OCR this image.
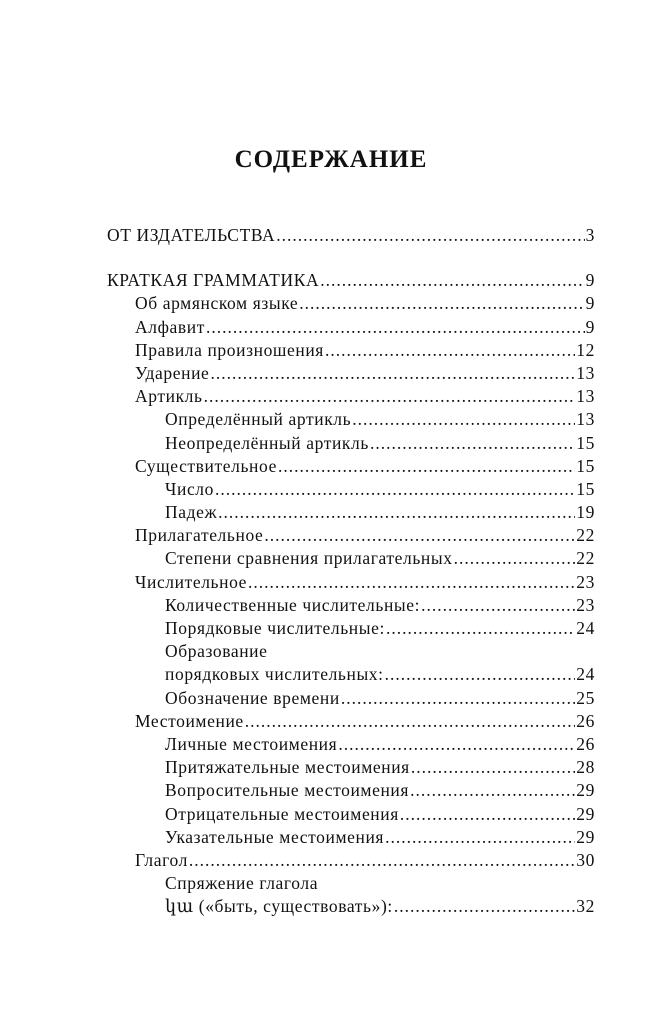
СОДЕРЖАНИЕ
ОТ ИЗДАТЕЛЬСТВА .....	3
КРАТКАЯ ГРАММАТИКА .....	9
Об армянском языке .....	9
Алфавит .....	9
Правила произношения .....	12
Ударение .....	13
Артикль .....	13
Определённый артикль .....	13
Неопределённый артикль .....	15
Существительное .....	15
Число .....	15
Падеж .....	19
Прилагательное .....	22
Степени сравнения прилагательных .....	22
Числительное .....	23
Количественные числительные: .....	23
Порядковые числительные: .....	24
Образование
порядковых числительных: .....	24
Обозначение времени .....	25
Местоимение .....	26
Личные местоимения .....	26
Притяжательные местоимения .....	28
Вопросительные местоимения .....	29
Отрицательные местоимения .....	29
Указательные местоимения .....	29
Глагол .....	30
Спряжение глагола
կա («быть, существовать»): .....	32
